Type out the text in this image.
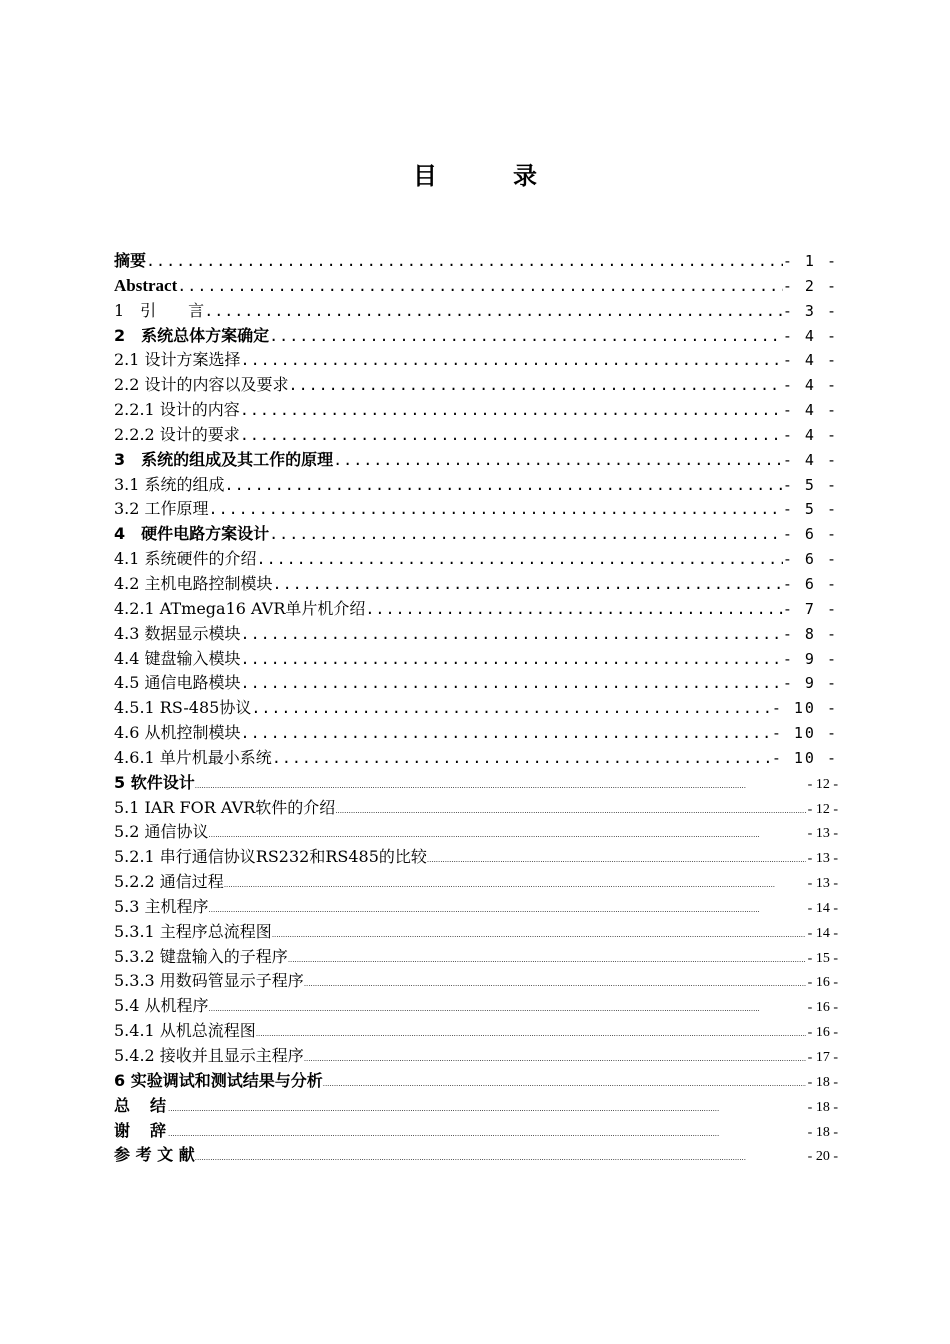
目　录
摘要 .....	- 1 -
Abstract .....	- 2 -
1　引　　言 .....	- 3 -
2　系统总体方案确定 .....	- 4 -
2.1 设计方案选择 .....	- 4 -
2.2 设计的内容以及要求 .....	- 4 -
2.2.1 设计的内容 .....	- 4 -
2.2.2 设计的要求 .....	- 4 -
3　系统的组成及其工作的原理 .....	- 4 -
3.1 系统的组成 .....	- 5 -
3.2 工作原理 .....	- 5 -
4　硬件电路方案设计 .....	- 6 -
4.1 系统硬件的介绍 .....	- 6 -
4.2 主机电路控制模块 .....	- 6 -
4.2.1 ATmega16 AVR单片机介绍 .....	- 7 -
4.3 数据显示模块 .....	- 8 -
4.4 键盘输入模块 .....	- 9 -
4.5 通信电路模块 .....	- 9 -
4.5.1 RS-485协议 .....	- 10 -
4.6 从机控制模块 .....	- 10 -
4.6.1 单片机最小系统 .....	- 10 -
5 软件设计 .....	- 12 -
5.1 IAR FOR AVR软件的介绍 .....	- 12 -
5.2 通信协议 .....	- 13 -
5.2.1 串行通信协议RS232和RS485的比较 .....	- 13 -
5.2.2 通信过程 .....	- 13 -
5.3 主机程序 .....	- 14 -
5.3.1 主程序总流程图 .....	- 14 -
5.3.2 键盘输入的子程序 .....	- 15 -
5.3.3 用数码管显示子程序 .....	- 16 -
5.4 从机程序 .....	- 16 -
5.4.1 从机总流程图 .....	- 16 -
5.4.2 接收并且显示主程序 .....	- 17 -
6 实验调试和测试结果与分析 .....	- 18 -
总　结 .....	- 18 -
谢　辞 .....	- 18 -
参 考 文 献 .....	- 20 -
